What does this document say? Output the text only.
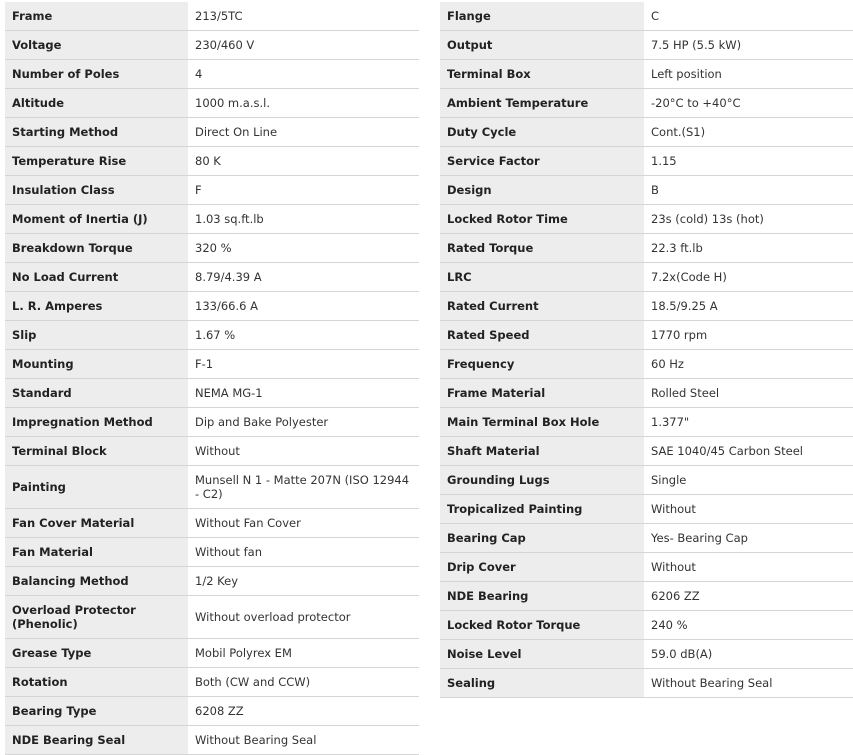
Frame	213/5TC
Voltage	230/460 V
Number of Poles	4
Altitude	1000 m.a.s.l.
Starting Method	Direct On Line
Temperature Rise	80 K
Insulation Class	F
Moment of Inertia (J)	1.03 sq.ft.lb
Breakdown Torque	320 %
No Load Current	8.79/4.39 A
L. R. Amperes	133/66.6 A
Slip	1.67 %
Mounting	F-1
Standard	NEMA MG-1
Impregnation Method	Dip and Bake Polyester
Terminal Block	Without
Painting	Munsell N 1 - Matte 207N (ISO 12944 - C2)
Fan Cover Material	Without Fan Cover
Fan Material	Without fan
Balancing Method	1/2 Key
Overload Protector (Phenolic)	Without overload protector
Grease Type	Mobil Polyrex EM
Rotation	Both (CW and CCW)
Bearing Type	6208 ZZ
NDE Bearing Seal	Without Bearing Seal
Flange	C
Output	7.5 HP (5.5 kW)
Terminal Box	Left position
Ambient Temperature	-20°C to +40°C
Duty Cycle	Cont.(S1)
Service Factor	1.15
Design	B
Locked Rotor Time	23s (cold) 13s (hot)
Rated Torque	22.3 ft.lb
LRC	7.2x(Code H)
Rated Current	18.5/9.25 A
Rated Speed	1770 rpm
Frequency	60 Hz
Frame Material	Rolled Steel
Main Terminal Box Hole	1.377"
Shaft Material	SAE 1040/45 Carbon Steel
Grounding Lugs	Single
Tropicalized Painting	Without
Bearing Cap	Yes- Bearing Cap
Drip Cover	Without
NDE Bearing	6206 ZZ
Locked Rotor Torque	240 %
Noise Level	59.0 dB(A)
Sealing	Without Bearing Seal
